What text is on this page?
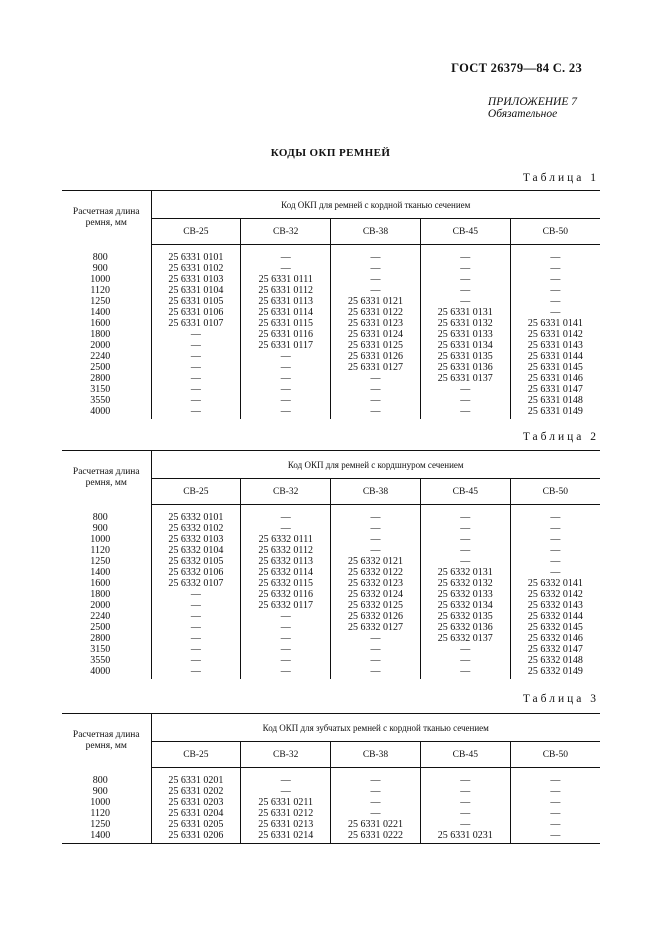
ГОСТ 26379—84 С. 23
ПРИЛОЖЕНИЕ 7
Обязательное
КОДЫ ОКП РЕМНЕЙ
Таблица 1
Расчетная длина ремня, мм	Код ОКП для ремней с кордной тканью сечением				
	СВ-25	СВ-32	СВ-38	СВ-45	СВ-50
800	25 6331 0101	—	—	—	—
900	25 6331 0102	—	—	—	—
1000	25 6331 0103	25 6331 0111	—	—	—
1120	25 6331 0104	25 6331 0112	—	—	—
1250	25 6331 0105	25 6331 0113	25 6331 0121	—	—
1400	25 6331 0106	25 6331 0114	25 6331 0122	25 6331 0131	—
1600	25 6331 0107	25 6331 0115	25 6331 0123	25 6331 0132	25 6331 0141
1800	—	25 6331 0116	25 6331 0124	25 6331 0133	25 6331 0142
2000	—	25 6331 0117	25 6331 0125	25 6331 0134	25 6331 0143
2240	—	—	25 6331 0126	25 6331 0135	25 6331 0144
2500	—	—	25 6331 0127	25 6331 0136	25 6331 0145
2800	—	—	—	25 6331 0137	25 6331 0146
3150	—	—	—	—	25 6331 0147
3550	—	—	—	—	25 6331 0148
4000	—	—	—	—	25 6331 0149
Таблица 2
Расчетная длина ремня, мм	Код ОКП для ремней с кордшнуром сечением				
	СВ-25	СВ-32	СВ-38	СВ-45	СВ-50
800	25 6332 0101	—	—	—	—
900	25 6332 0102	—	—	—	—
1000	25 6332 0103	25 6332 0111	—	—	—
1120	25 6332 0104	25 6332 0112	—	—	—
1250	25 6332 0105	25 6332 0113	25 6332 0121	—	—
1400	25 6332 0106	25 6332 0114	25 6332 0122	25 6332 0131	—
1600	25 6332 0107	25 6332 0115	25 6332 0123	25 6332 0132	25 6332 0141
1800	—	25 6332 0116	25 6332 0124	25 6332 0133	25 6332 0142
2000	—	25 6332 0117	25 6332 0125	25 6332 0134	25 6332 0143
2240	—	—	25 6332 0126	25 6332 0135	25 6332 0144
2500	—	—	25 6332 0127	25 6332 0136	25 6332 0145
2800	—	—	—	25 6332 0137	25 6332 0146
3150	—	—	—	—	25 6332 0147
3550	—	—	—	—	25 6332 0148
4000	—	—	—	—	25 6332 0149
Таблица 3
Расчетная длина ремня, мм	Код ОКП для зубчатых ремней с кордной тканью сечением				
	СВ-25	СВ-32	СВ-38	СВ-45	СВ-50
800	25 6331 0201	—	—	—	—
900	25 6331 0202	—	—	—	—
1000	25 6331 0203	25 6331 0211	—	—	—
1120	25 6331 0204	25 6331 0212	—	—	—
1250	25 6331 0205	25 6331 0213	25 6331 0221	—	—
1400	25 6331 0206	25 6331 0214	25 6331 0222	25 6331 0231	—
